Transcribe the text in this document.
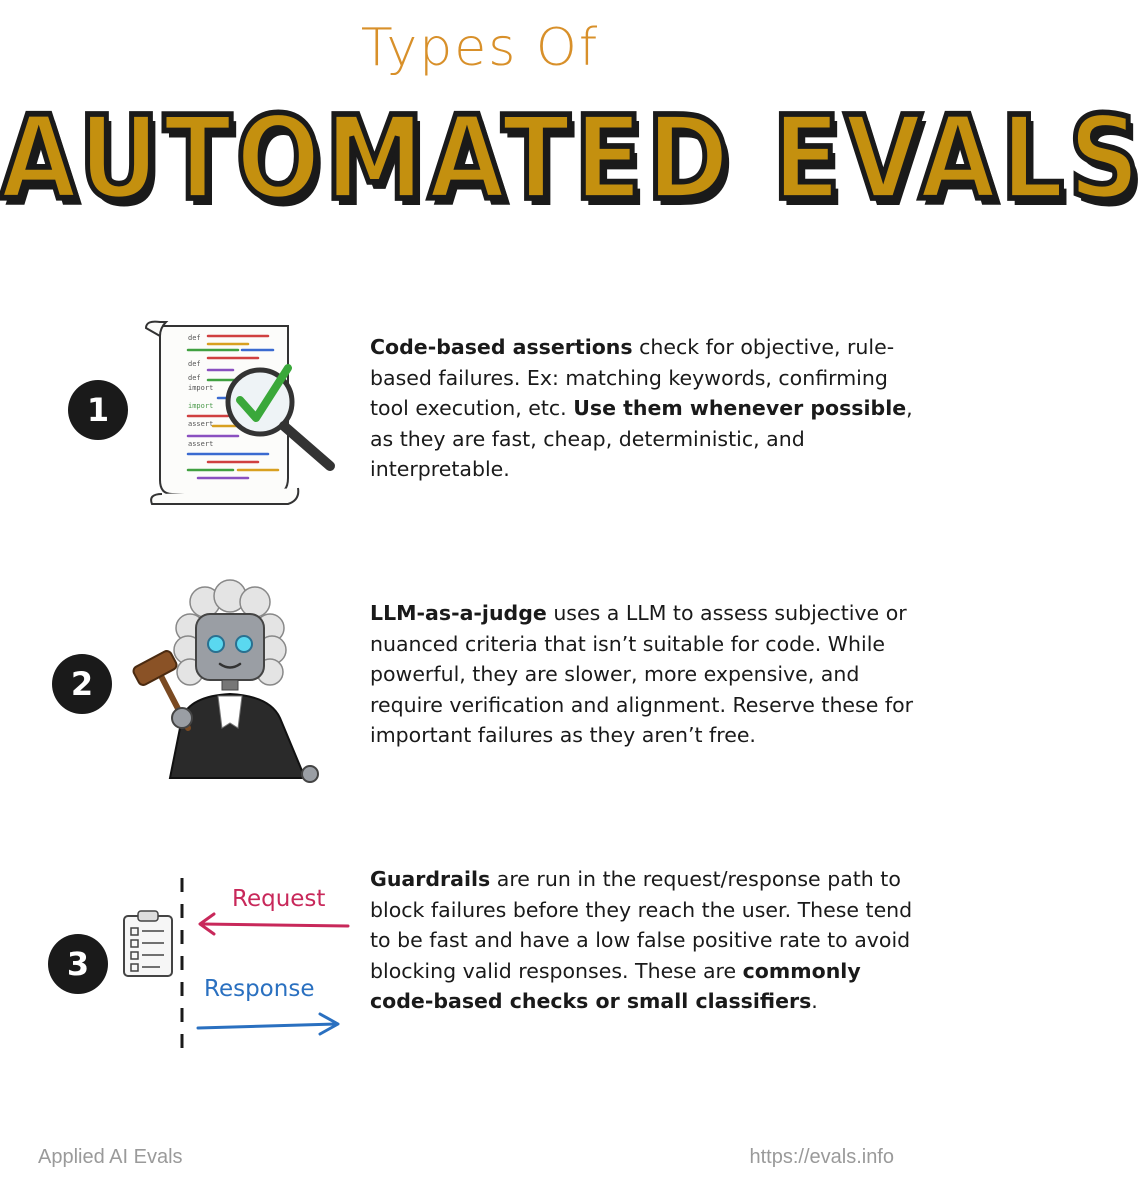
Types Of
AUTOMATED EVALS
1
def
def
def
import
import
assert
assert
Code-based assertions check for objective, rule-based failures. Ex: matching keywords, confirming tool execution, etc. Use them whenever possible, as they are fast, cheap, deterministic, and interpretable.
2
LLM-as-a-judge uses a LLM to assess subjective or nuanced criteria that isn’t suitable for code. While powerful, they are slower, more expensive, and require verification and alignment. Reserve these for important failures as they aren’t free.
3
Request
Response
Guardrails are run in the request/response path to block failures before they reach the user. These tend to be fast and have a low false positive rate to avoid blocking valid responses. These are commonly code-based checks or small classifiers.
Applied AI Evals	https://evals.info
